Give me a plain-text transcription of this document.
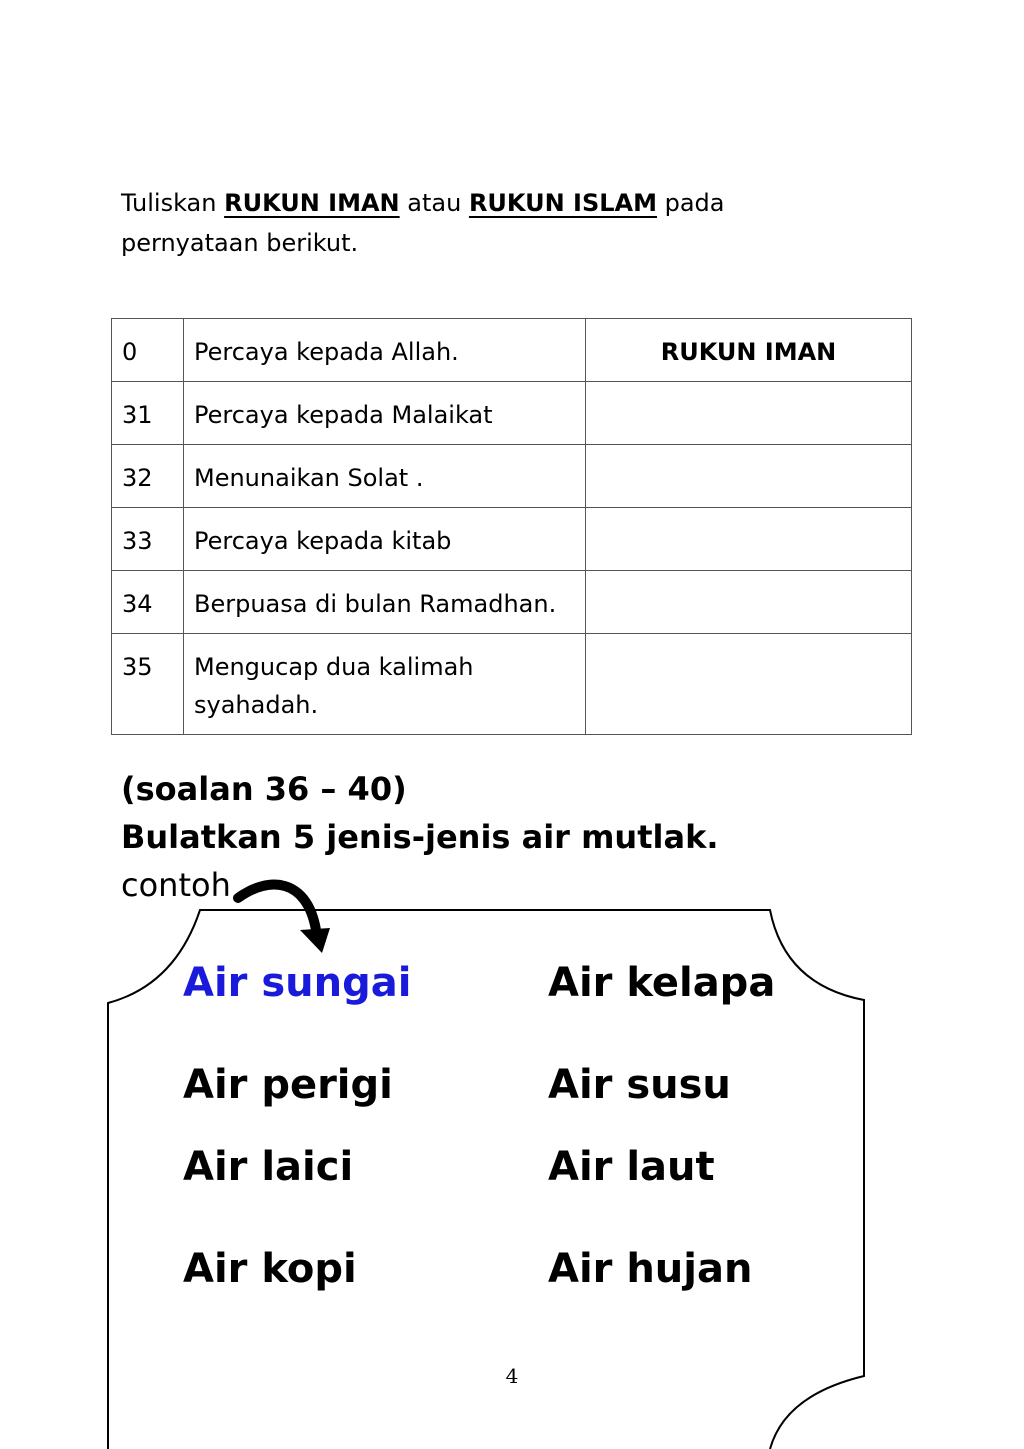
Tuliskan RUKUN IMAN atau RUKUN ISLAM pada pernyataan berikut.
0	Percaya kepada Allah.	RUKUN IMAN
31	Percaya kepada Malaikat	
32	Menunaikan Solat .	
33	Percaya kepada kitab	
34	Berpuasa di bulan Ramadhan.	
35	Mengucap dua kalimah syahadah.	
(soalan 36 – 40)
Bulatkan 5 jenis-jenis air mutlak.
contoh
Air sungai	Air kelapa
Air perigi	Air susu
Air laici	Air laut
Air kopi	Air hujan
4
